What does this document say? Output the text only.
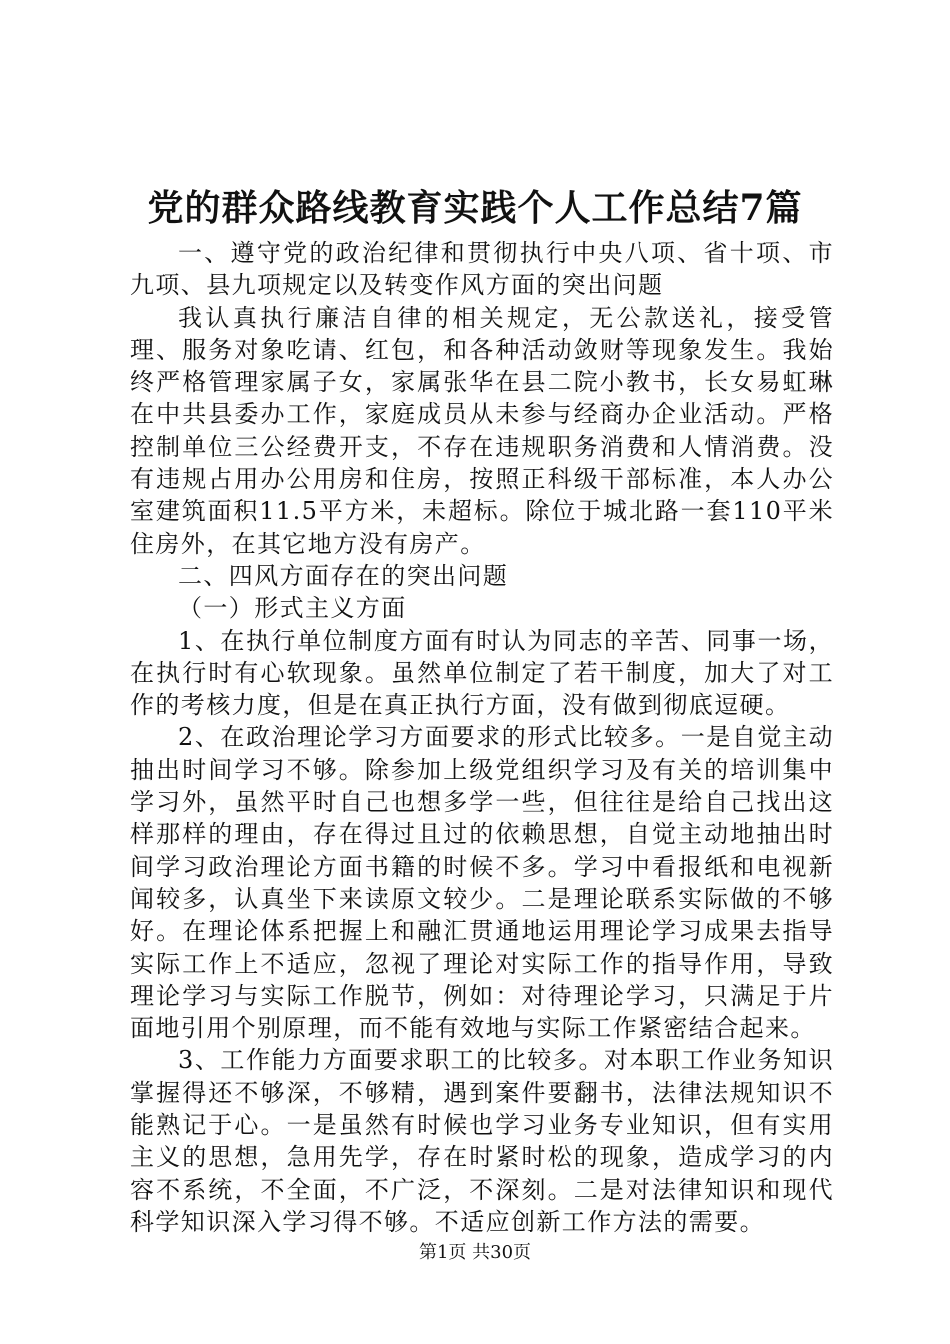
党的群众路线教育实践个人工作总结7篇

一、遵守党的政治纪律和贯彻执行中央八项、省十项、市九项、县九项规定以及转变作风方面的突出问题

我认真执行廉洁自律的相关规定，无公款送礼，接受管理、服务对象吃请、红包，和各种活动敛财等现象发生。我始终严格管理家属子女，家属张华在县二院小教书，长女易虹琳在中共县委办工作，家庭成员从未参与经商办企业活动。严格控制单位三公经费开支，不存在违规职务消费和人情消费。没有违规占用办公用房和住房，按照正科级干部标准，本人办公室建筑面积11.5平方米，未超标。除位于城北路一套110平米住房外，在其它地方没有房产。

二、四风方面存在的突出问题

（一）形式主义方面

1、在执行单位制度方面有时认为同志的辛苦、同事一场，在执行时有心软现象。虽然单位制定了若干制度，加大了对工作的考核力度，但是在真正执行方面，没有做到彻底逗硬。

2、在政治理论学习方面要求的形式比较多。一是自觉主动抽出时间学习不够。除参加上级党组织学习及有关的培训集中学习外，虽然平时自己也想多学一些，但往往是给自己找出这样那样的理由，存在得过且过的依赖思想，自觉主动地抽出时间学习政治理论方面书籍的时候不多。学习中看报纸和电视新闻较多，认真坐下来读原文较少。二是理论联系实际做的不够好。在理论体系把握上和融汇贯通地运用理论学习成果去指导实际工作上不适应，忽视了理论对实际工作的指导作用，导致理论学习与实际工作脱节，例如：对待理论学习，只满足于片面地引用个别原理，而不能有效地与实际工作紧密结合起来。

3、工作能力方面要求职工的比较多。对本职工作业务知识掌握得还不够深，不够精，遇到案件要翻书，法律法规知识不能熟记于心。一是虽然有时候也学习业务专业知识，但有实用主义的思想，急用先学，存在时紧时松的现象，造成学习的内容不系统，不全面，不广泛，不深刻。二是对法律知识和现代科学知识深入学习得不够。不适应创新工作方法的需要。

第1页 共30页
